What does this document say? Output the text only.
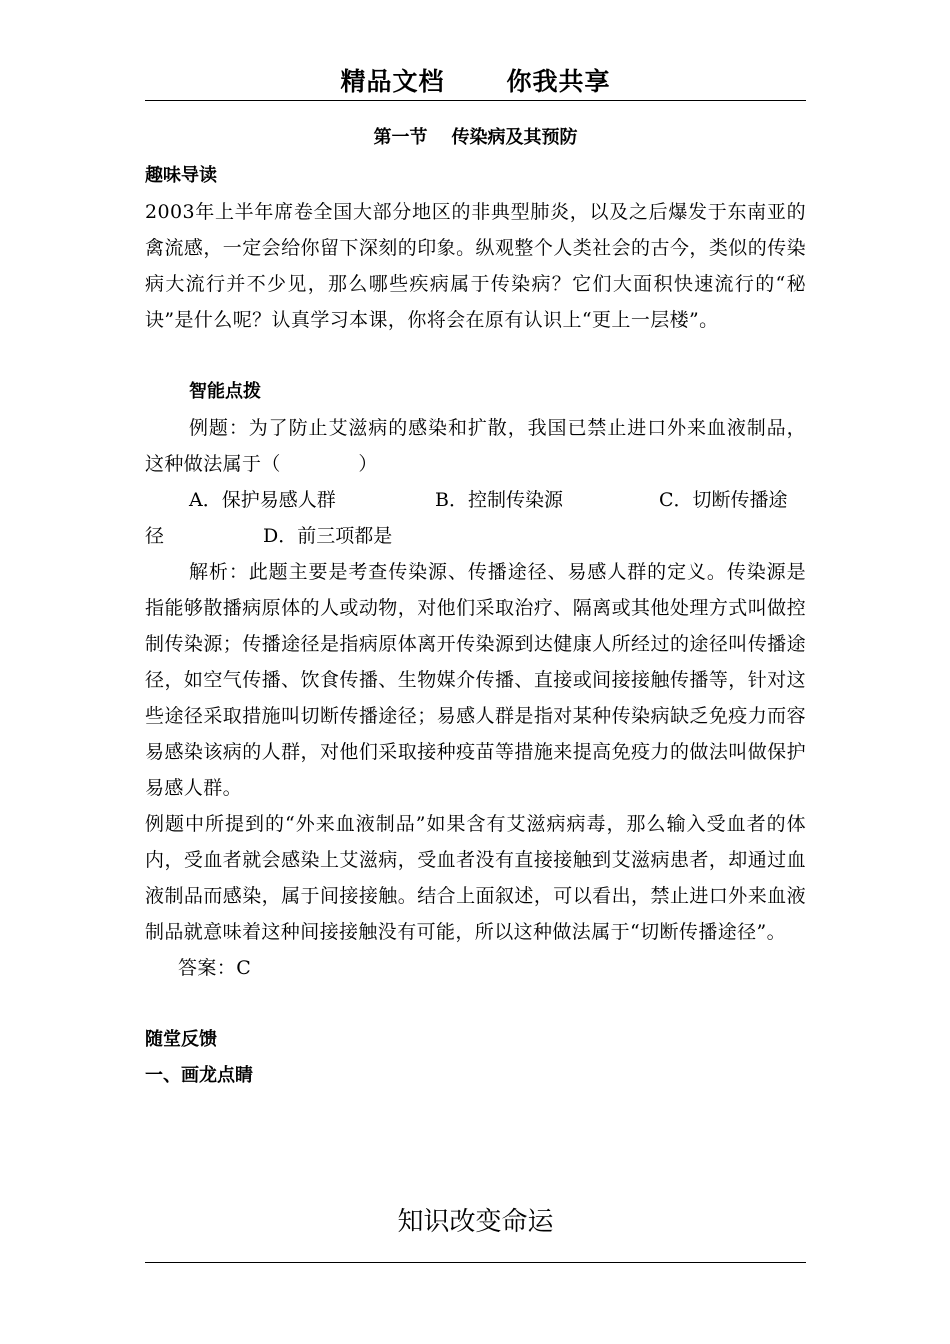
精品文档 你我共享

第一节 传染病及其预防

趣味导读

2003年上半年席卷全国大部分地区的非典型肺炎，以及之后爆发于东南亚的禽流感，一定会给你留下深刻的印象。纵观整个人类社会的古今，类似的传染病大流行并不少见，那么哪些疾病属于传染病？它们大面积快速流行的“秘诀”是什么呢？认真学习本课，你将会在原有认识上“更上一层楼”。

智能点拨

例题：为了防止艾滋病的感染和扩散，我国已禁止进口外来血液制品，这种做法属于（　　　　）

A．保护易感人群	B．控制传染源	C．切断传播途

径	D．前三项都是

解析：此题主要是考查传染源、传播途径、易感人群的定义。传染源是指能够散播病原体的人或动物，对他们采取治疗、隔离或其他处理方式叫做控制传染源；传播途径是指病原体离开传染源到达健康人所经过的途径叫传播途径，如空气传播、饮食传播、生物媒介传播、直接或间接接触传播等，针对这些途径采取措施叫切断传播途径；易感人群是指对某种传染病缺乏免疫力而容易感染该病的人群，对他们采取接种疫苗等措施来提高免疫力的做法叫做保护易感人群。

例题中所提到的“外来血液制品”如果含有艾滋病病毒，那么输入受血者的体内，受血者就会感染上艾滋病，受血者没有直接接触到艾滋病患者，却通过血液制品而感染，属于间接接触。结合上面叙述，可以看出，禁止进口外来血液制品就意味着这种间接接触没有可能，所以这种做法属于“切断传播途径”。

答案：C

随堂反馈

一、画龙点睛

知识改变命运
